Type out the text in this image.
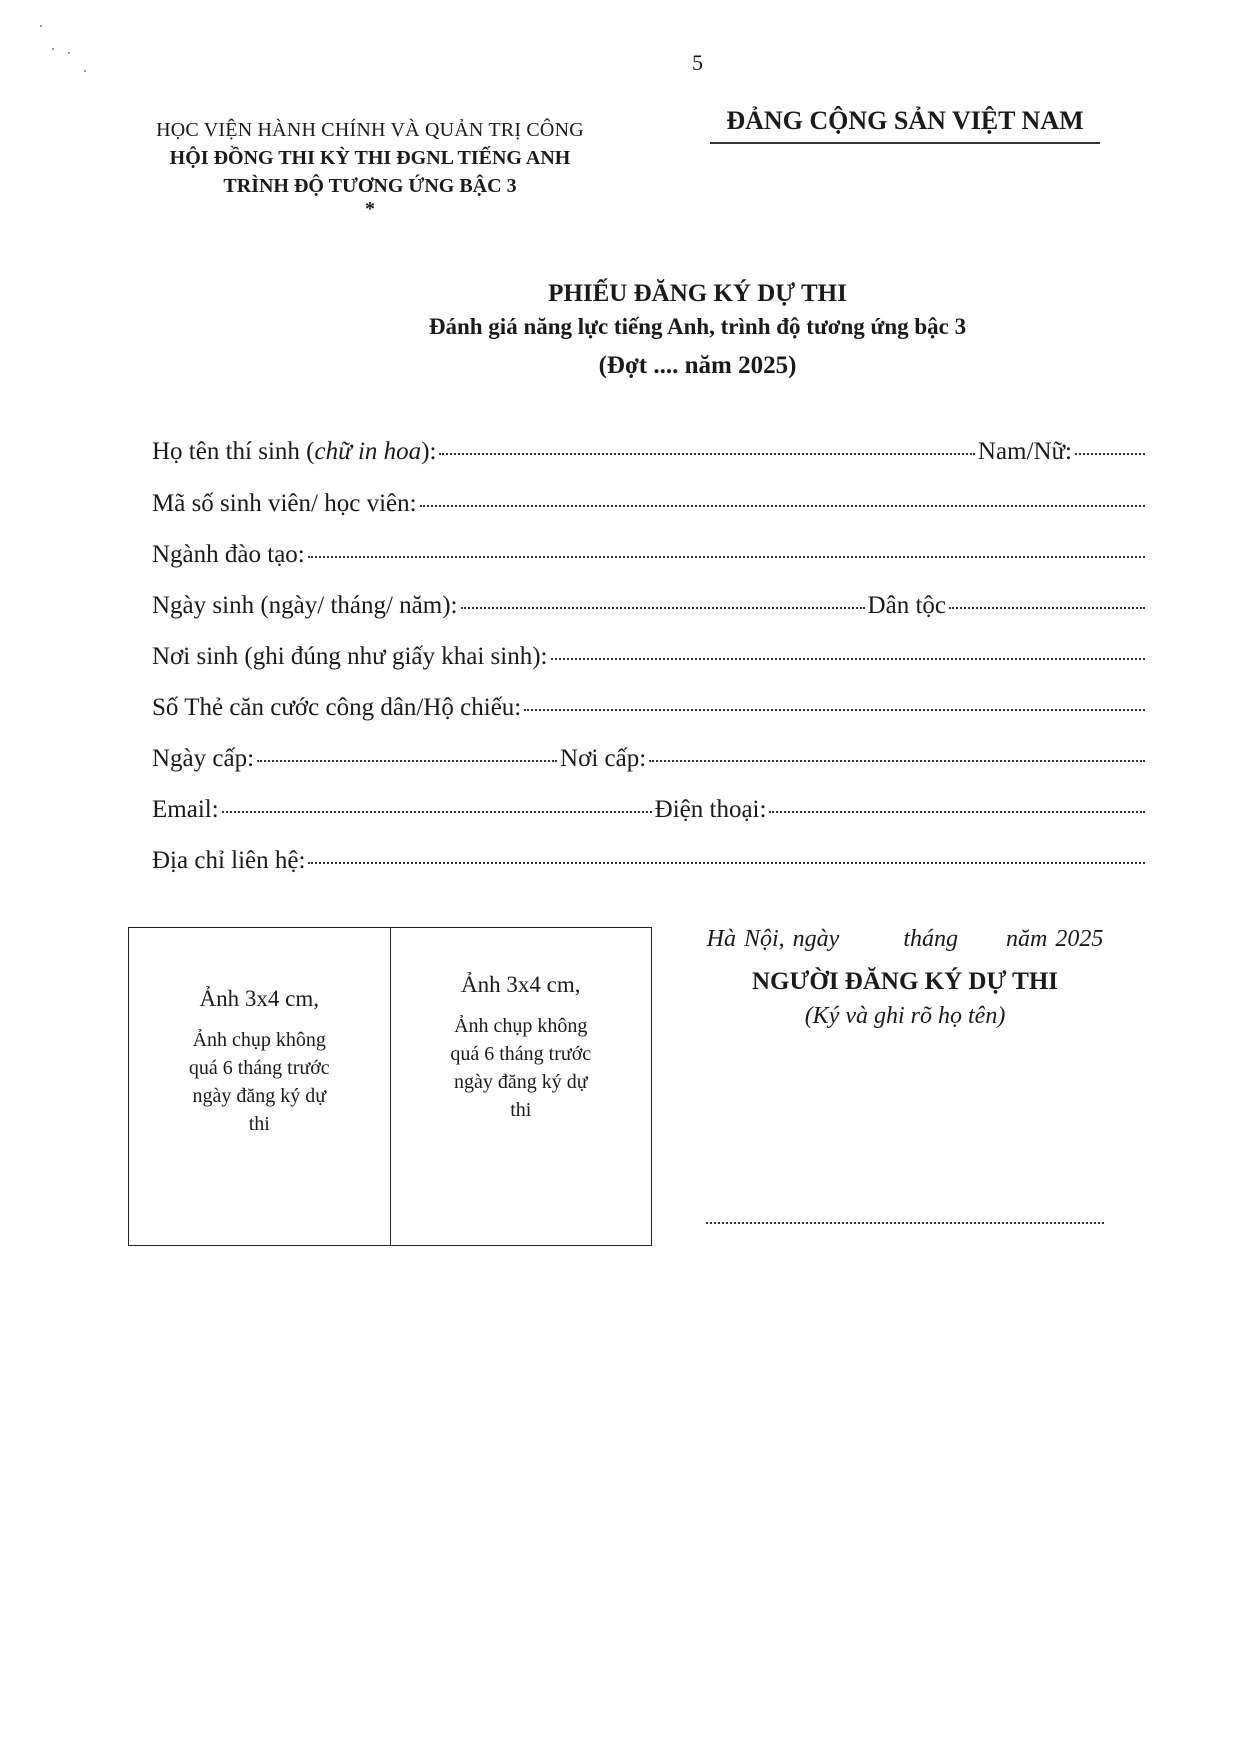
5
HỌC VIỆN HÀNH CHÍNH VÀ QUẢN TRỊ CÔNG
HỘI ĐỒNG THI KỲ THI ĐGNL TIẾNG ANH
TRÌNH ĐỘ TƯƠNG ỨNG BẬC 3
*
ĐẢNG CỘNG SẢN VIỆT NAM
PHIẾU ĐĂNG KÝ DỰ THI
Đánh giá năng lực tiếng Anh, trình độ tương ứng bậc 3
(Đợt .... năm 2025)
Họ tên thí sinh (chữ in hoa):	Nam/Nữ:
Mã số sinh viên/ học viên:
Ngành đào tạo:
Ngày sinh (ngày/ tháng/ năm):	Dân tộc
Nơi sinh (ghi đúng như giấy khai sinh):
Số Thẻ căn cước công dân/Hộ chiếu:
Ngày cấp:	Nơi cấp:
Email:	Điện thoại:
Địa chỉ liên hệ:
Ảnh 3x4 cm,
Ảnh chụp không
quá 6 tháng trước
ngày đăng ký dự
thi
Ảnh 3x4 cm,
Ảnh chụp không
quá 6 tháng trước
ngày đăng ký dự
thi
Hà Nội, ngày        tháng      năm 2025
NGƯỜI ĐĂNG KÝ DỰ THI
(Ký và ghi rõ họ tên)
